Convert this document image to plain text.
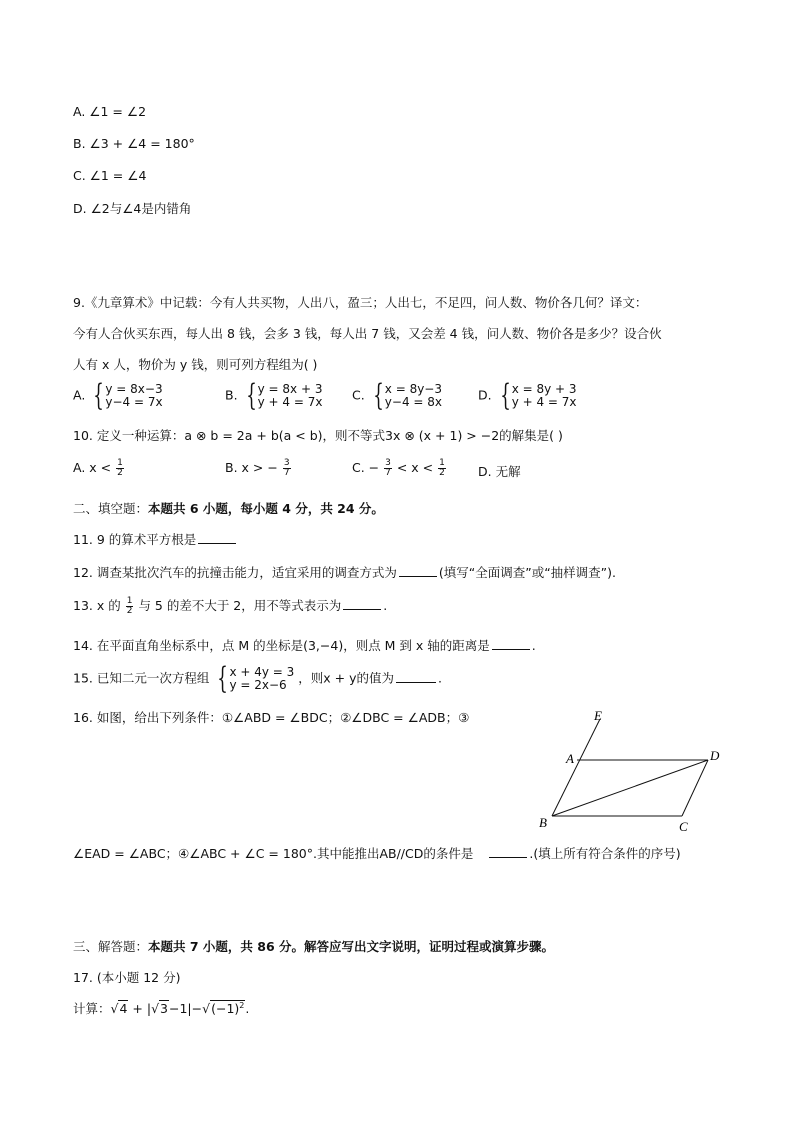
A. ∠1 = ∠2
B. ∠3 + ∠4 = 180°
C. ∠1 = ∠4
D. ∠2与∠4是内错角
9.《九章算术》中记载：今有人共买物，人出八，盈三；人出七，不足四，问人数、物价各几何？译文：
今有人合伙买东西，每人出 8 钱，会多 3 钱，每人出 7 钱，又会差 4 钱，问人数、物价各是多少？设合伙
人有 x 人，物价为 y 钱，则可列方程组为( )
A. { y = 8x−3
y−4 = 7x	B. { y = 8x + 3
y + 4 = 7x C. { x = 8y−3
y−4 = 8x	D. { x = 8y + 3
y + 4 = 7x
10. 定义一种运算：a ⊗ b = 2a + b(a < b)，则不等式3x ⊗ (x + 1) > −2的解集是( )
A. $x < \frac{1}{2}$	B. x > − $\frac{3}{7}$	C. − $\frac{3}{7} < x < \frac{1}{2}$	D. 无解
二、填空题：本题共 6 小题，每小题 4 分，共 24 分。
11. 9 的算术平方根是
12. 调查某批次汽车的抗撞击能力，适宜采用的调查方式为	(填写“全面调查”或“抽样调查”).
13. x 的 $\frac{1}{2}$ 与 5 的差不大于 2，用不等式表示为	.
14. 在平面直角坐标系中，点 M 的坐标是(3,−4)，则点 M 到 x 轴的距离是	.
15. 已知二元一次方程组 { x + 4y = 3
y = 2x−6 ，则x + y的值为	.
16. 如图，给出下列条件：①∠ABD = ∠BDC；②∠DBC = ∠ADB；③	E
A	D
B	C
∠EAD = ∠ABC；④∠ABC + ∠C = 180°.其中能推出AB//CD的条件是	.(填上所有符合条件的序号)
三、解答题：本题共 7 小题，共 86 分。解答应写出文字说明，证明过程或演算步骤。
17. (本小题 12 分)
计算：$√4 + |√3-1|-√(-1)^2$.
